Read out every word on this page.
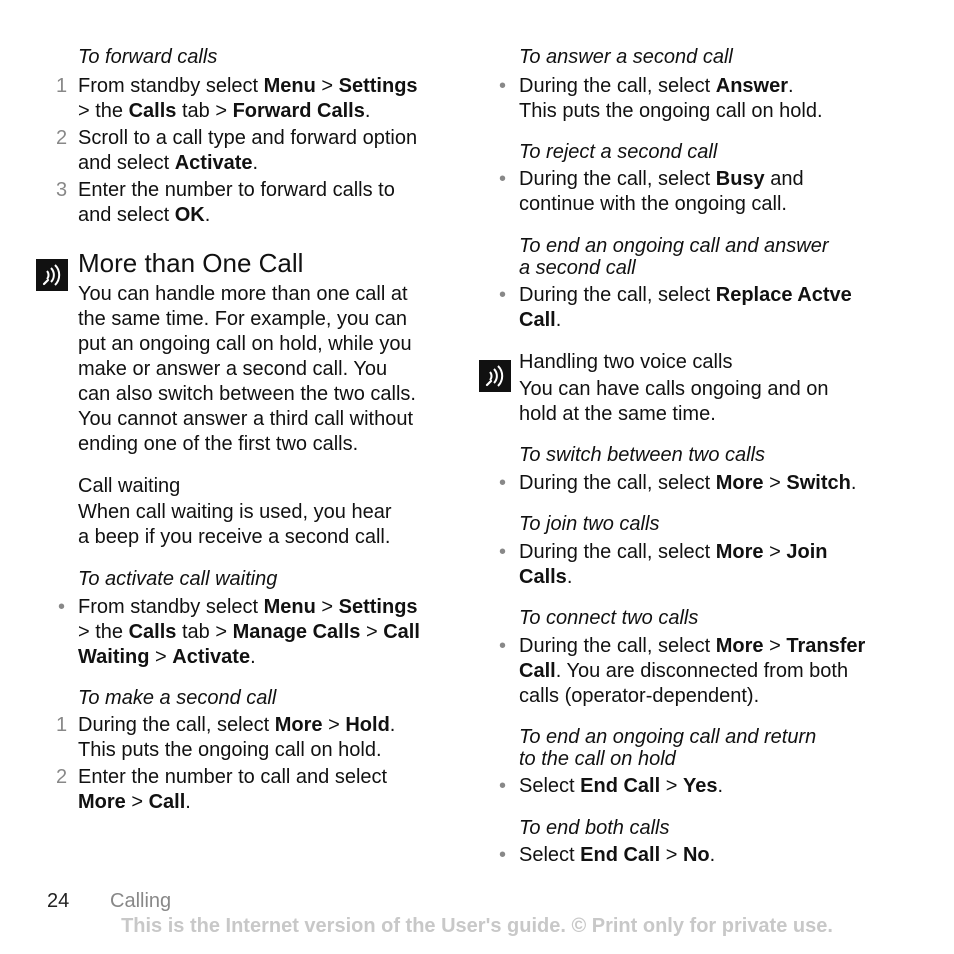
To forward calls
1 From standby select Menu > Settings
> the Calls tab > Forward Calls.
2 Scroll to a call type and forward option
and select Activate.
3 Enter the number to forward calls to
and select OK.
More than One Call
You can handle more than one call at
the same time. For example, you can
put an ongoing call on hold, while you
make or answer a second call. You
can also switch between the two calls.
You cannot answer a third call without
ending one of the first two calls.
Call waiting
When call waiting is used, you hear
a beep if you receive a second call.
To activate call waiting
• From standby select Menu > Settings
> the Calls tab > Manage Calls > Call
Waiting > Activate.
To make a second call
1 During the call, select More > Hold.
This puts the ongoing call on hold.
2 Enter the number to call and select
More > Call.
To answer a second call
• During the call, select Answer.
This puts the ongoing call on hold.
To reject a second call
• During the call, select Busy and
continue with the ongoing call.
To end an ongoing call and answer
a second call
• During the call, select Replace Actve
Call.
Handling two voice calls
You can have calls ongoing and on
hold at the same time.
To switch between two calls
• During the call, select More > Switch.
To join two calls
• During the call, select More > Join
Calls.
To connect two calls
• During the call, select More > Transfer
Call. You are disconnected from both
calls (operator-dependent).
To end an ongoing call and return
to the call on hold
• Select End Call > Yes.
To end both calls
• Select End Call > No.
24 Calling
This is the Internet version of the User's guide. © Print only for private use.
